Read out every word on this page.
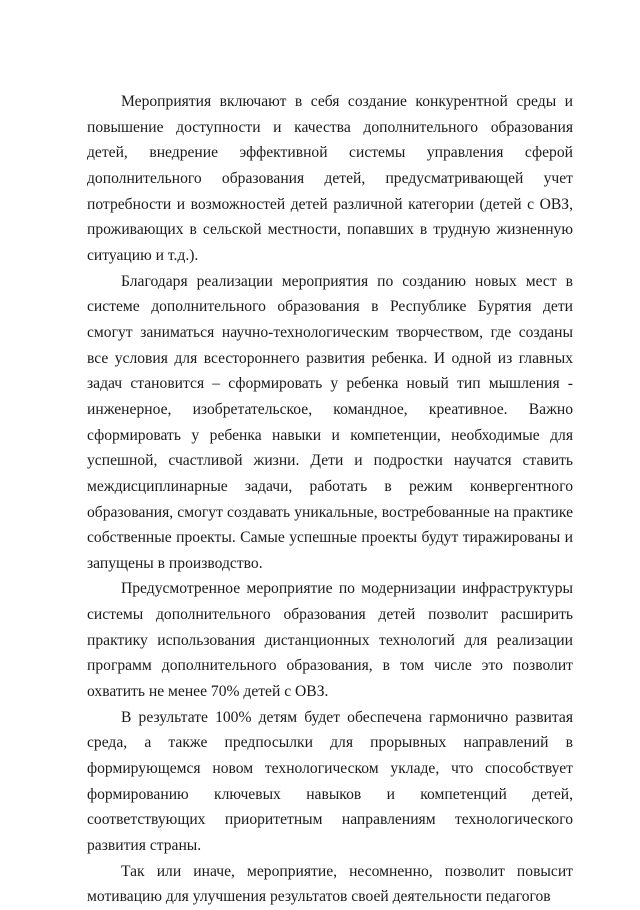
Мероприятия включают в себя создание конкурентной среды и повышение доступности и качества дополнительного образования детей, внедрение эффективной системы управления сферой дополнительного образования детей, предусматривающей учет потребности и возможностей детей различной категории (детей с ОВЗ, проживающих в сельской местности, попавших в трудную жизненную ситуацию и т.д.).

Благодаря реализации мероприятия по созданию новых мест в системе дополнительного образования в Республике Бурятия дети смогут заниматься научно-технологическим творчеством, где созданы все условия для всестороннего развития ребенка. И одной из главных задач становится – сформировать у ребенка новый тип мышления - инженерное, изобретательское, командное, креативное. Важно сформировать у ребенка навыки и компетенции, необходимые для успешной, счастливой жизни. Дети и подростки научатся ставить междисциплинарные задачи, работать в режим конвергентного образования, смогут создавать уникальные, востребованные на практике собственные проекты. Самые успешные проекты будут тиражированы и запущены в производство.

Предусмотренное мероприятие по модернизации инфраструктуры системы дополнительного образования детей позволит расширить практику использования дистанционных технологий для реализации программ дополнительного образования, в том числе это позволит охватить не менее 70% детей с ОВЗ.

В результате 100% детям будет обеспечена гармонично развитая среда, а также предпосылки для прорывных направлений в формирующемся новом технологическом укладе, что способствует формированию ключевых навыков и компетенций детей, соответствующих приоритетным направлениям технологического развития страны.

Так или иначе, мероприятие, несомненно, позволит повысит мотивацию для улучшения результатов своей деятельности педагогов
